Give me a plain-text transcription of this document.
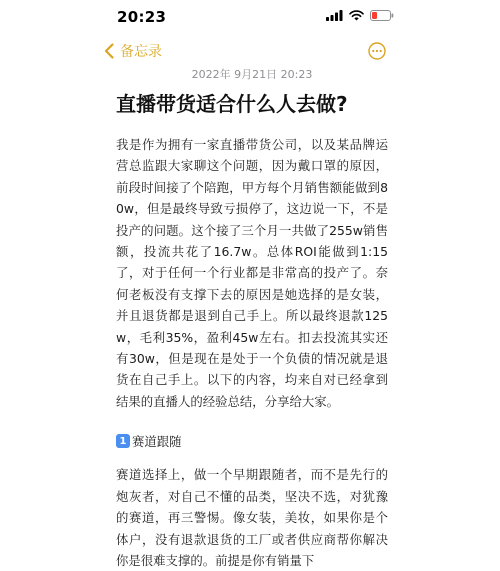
20:23
备忘录

2022年 9月21日 20:23

直播带货适合什么人去做?

我是作为拥有一家直播带货公司，以及某品牌运营总监跟大家聊这个问题，因为戴口罩的原因，前段时间接了个陪跑，甲方每个月销售额能做到80w，但是最终导致亏损停了，这边说一下，不是投产的问题。这个接了三个月一共做了255w销售额，投流共花了16.7w。总体ROI能做到1:15了，对于任何一个行业都是非常高的投产了。奈何老板没有支撑下去的原因是她选择的是女装，并且退货都是退到自己手上。所以最终退款125w，毛利35%，盈利45w左右。扣去投流其实还有30w，但是现在是处于一个负债的情况就是退货在自己手上。以下的内容，均来自对已经拿到结果的直播人的经验总结，分享给大家。

1 赛道跟随

赛道选择上，做一个早期跟随者，而不是先行的炮灰者，对自己不懂的品类，坚决不选，对犹豫的赛道，再三警惕。像女装，美妆，如果你是个体户，没有退款退货的工厂或者供应商帮你解决你是很难支撑的。前提是你有销量下
